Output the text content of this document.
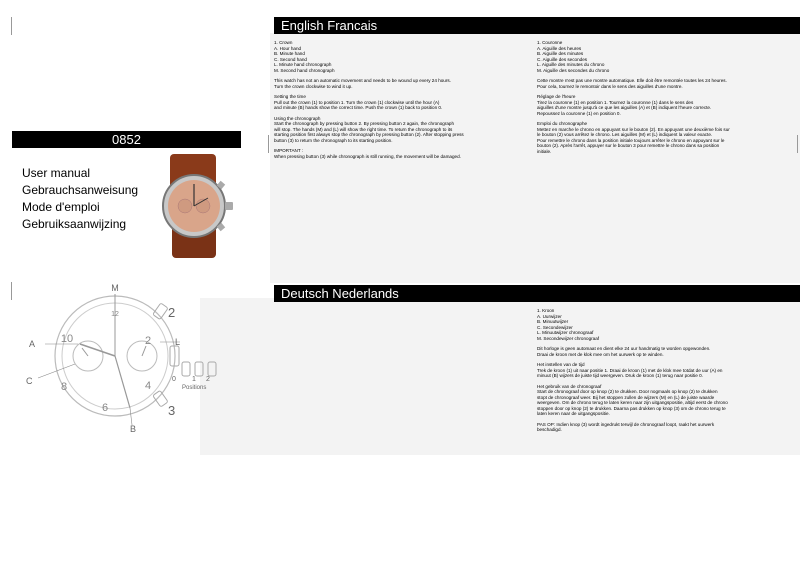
English Francais
Deutsch Nederlands
0852
User manual
Gebrauchsanweisung
Mode d'emploi
Gebruiksaanwijzing
M
A
C
L
B
2
3
12
10
8
6
4
2
0 1 2
Positions

1. Crown
A. Hour hand
B. Minute hand
C. Second hand
L. Minute hand chronograph
M. Second hand chronograph

This watch has not an automatic movement and needs to be wound up every 24 hours.
Turn the crown clockwise to wind it up.

Setting the time
Pull out the crown (1) to position 1. Turn the crown (1) clockwise until the hour (A)
and minute (B) hands show the correct time. Push the crown (1) back to position 0.

Using the chronograph
Start the chronograph by pressing button 2. By pressing button 2 again, the chronograph
will stop. The hands (M) and (L) will show the right time. To return the chronograph to its
starting position first always stop the chronograph by pressing button (2). After stopping press
button (3) to return the chronograph to its starting position.

IMPORTANT :
When pressing button (3) while chronograph is still running, the movement will be damaged.

1. Couronne
A. Aiguille des heures
B. Aiguille des minutes
C. Aiguille des secondes
L. Aiguille des minutes du chrono
M. Aiguille des secondes du chrono

Cette montre n'est pas une montre automatique. Elle doit être remontée toutes les 24 heures.
Pour cela, tournez le remontoir dans le sens des aiguilles d'une montre.

Réglage de l'heure
Tirez la couronne (1) en position 1. Tournez la couronne (1) dans le sens des
aiguilles d'une montre jusqu'à ce que les aiguilles (A) et (B) indiquent l'heure correcte.
Repoussez la couronne (1) en position 0.

Emploi du chronographe
Mettez en marche le chrono en appuyant sur le bouton (2). En appuyant une deuxième fois sur
le bouton (2) vous arrêtez le chrono. Les aiguilles (M) et (L) indiquent la valeur exacte.
Pour remettre le chrono dans la position initiale toujours arrêter le chrono en appuyant sur le
bouton (2). Après l'arrêt, appuyer sur le bouton 3 pour remettre le chrono dans sa position
initiale.

1. Kroon
A. Uurwijzer
B. Minuutwijzer
C. Secondewijzer
L. Minuutwijzer chronograaf
M. Secondewijzer chronograaf

Dit horloge is geen automaat en dient elke 24 uur handmatig te worden opgewonden.
Draai de kroon met de klok mee om het uurwerk op te winden.

Het instellen van de tijd
Trek de kroon (1) uit naar positie 1. Draai de kroon (1) met de klok mee totdat de uur (A) en
minuut (B) wijzers de juiste tijd weergeven. Druk de kroon (1) terug naar positie 0.

Het gebruik van de chronograaf
Start de chronograaf door op knop (2) te drukken. Door nogmaals op knop (2) te drukken
stopt de chronograaf weer. Bij het stoppen zullen de wijzers (M) en (L) de juiste waarde
weergeven. Om de chrono terug te laten keren naar zijn uitgangspositie, altijd eerst de chrono
stoppen door op knop (2) te drukken. Daarna pas drukken op knop (3) om de chrono terug te
laten keren naar de uitgangspositie.

PAS OP: Indien knop (3) wordt ingedrukt terwijl de chronograaf loopt, raakt het uurwerk
beschadigd.
